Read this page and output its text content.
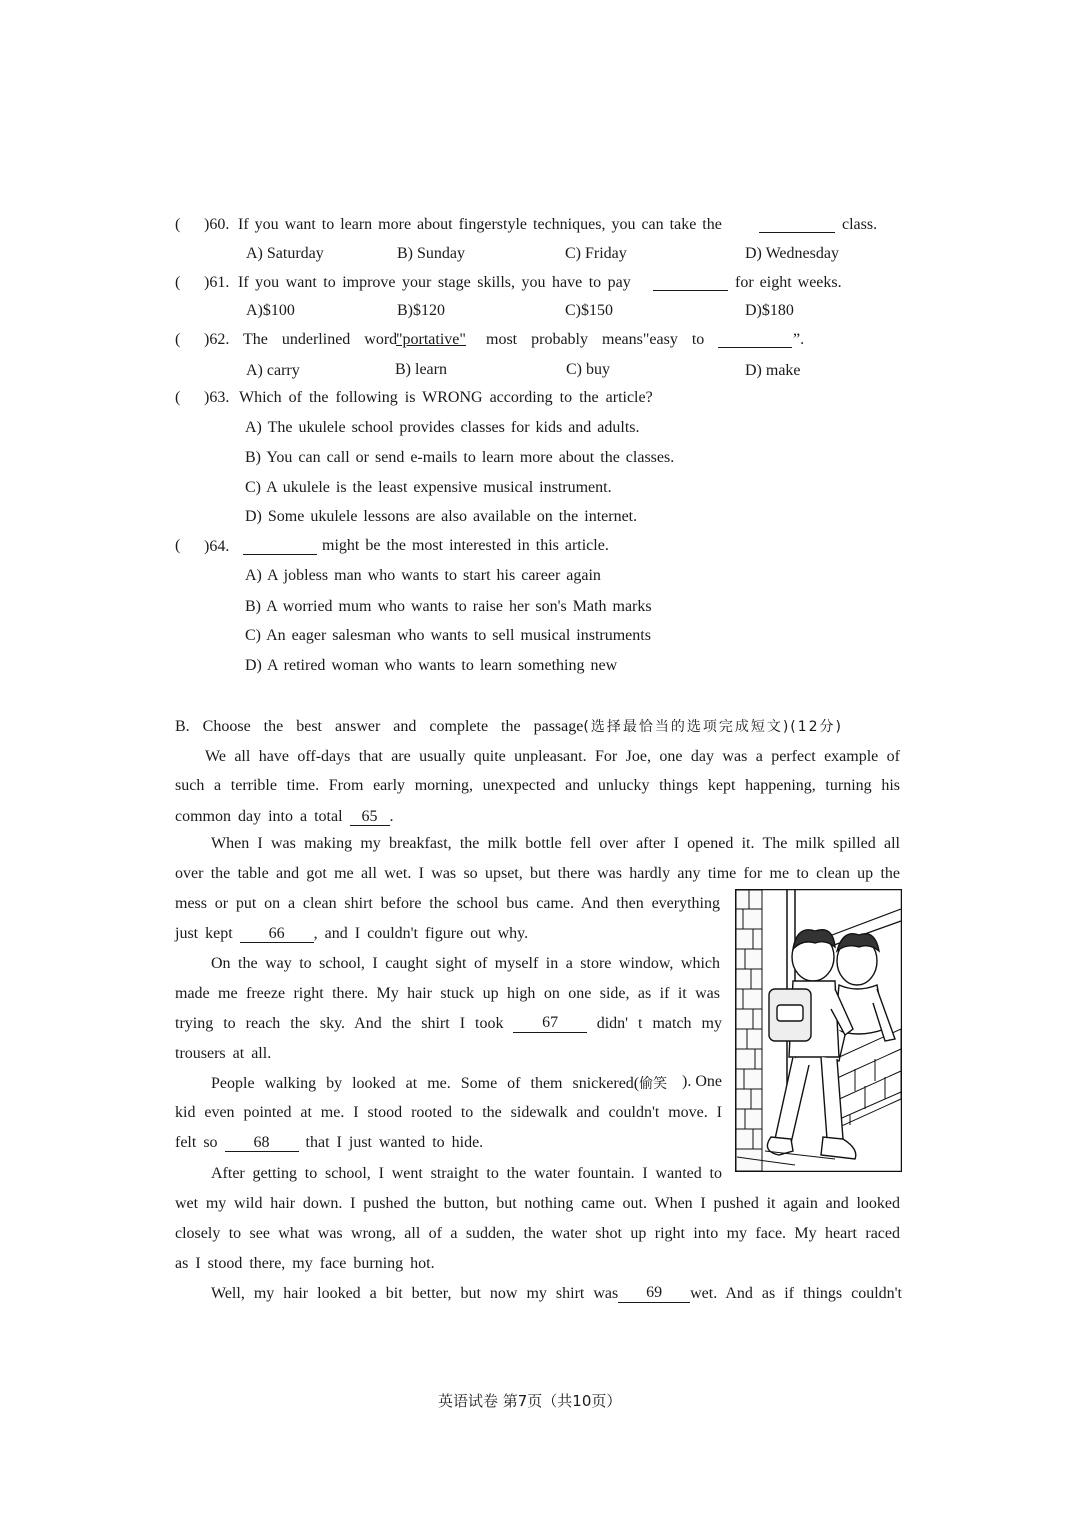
( )60. If you want to learn more about fingerstyle techniques, you can take the	class.
A) Saturday	B) Sunday	C) Friday	D) Wednesday
( )61. If you want to improve your stage skills, you have to pay	for eight weeks.
A)$100	B)$120	C)$150	D)$180
( )62. The underlined word
"portative"	most probably means"easy to	”.
A) carry	B) learn	C) buy	D) make
( )63. Which of the following is WRONG according to the article?
A) The ukulele school provides classes for kids and adults.
B) You can call or send e-mails to learn more about the classes.
C) A ukulele is the least expensive musical instrument.
D) Some ukulele lessons are also available on the internet.
( )64.	might be the most interested in this article.
A) A jobless man who wants to start his career again
B) A worried mum who wants to raise her son's Math marks
C) An eager salesman who wants to sell musical instruments
D) A retired woman who wants to learn something new
B. Choose the best answer and complete the passage(选择最恰当的选项完成短文)(12分)
We all have off-days that are usually quite unpleasant. For Joe, one day was a perfect example of
such a terrible time. From early morning, unexpected and unlucky things kept happening, turning his
common day into a total 65 .
When I was making my breakfast, the milk bottle fell over after I opened it. The milk spilled all
over the table and got me all wet. I was so upset, but there was hardly any time for me to clean up the
mess or put on a clean shirt before the school bus came. And then everything
just kept 66 , and I couldn't figure out why.
On the way to school, I caught sight of myself in a store window, which
made me freeze right there. My hair stuck up high on one side, as if it was
trying to reach the sky. And the shirt I took	67	didn' t match my
trousers at all.
People walking by looked at me. Some of them snickered(偷笑 ). One
kid even pointed at me. I stood rooted to the sidewalk and couldn't move. I
felt so 68 that I just wanted to hide.
After getting to school, I went straight to the water fountain. I wanted to
wet my wild hair down. I pushed the button, but nothing came out. When I pushed it again and looked
closely to see what was wrong, all of a sudden, the water shot up right into my face. My heart raced
as I stood there, my face burning hot.
Well, my hair looked a bit better, but now my shirt was	69	wet. And as if things couldn't
英语试卷 第7页（共10页）
